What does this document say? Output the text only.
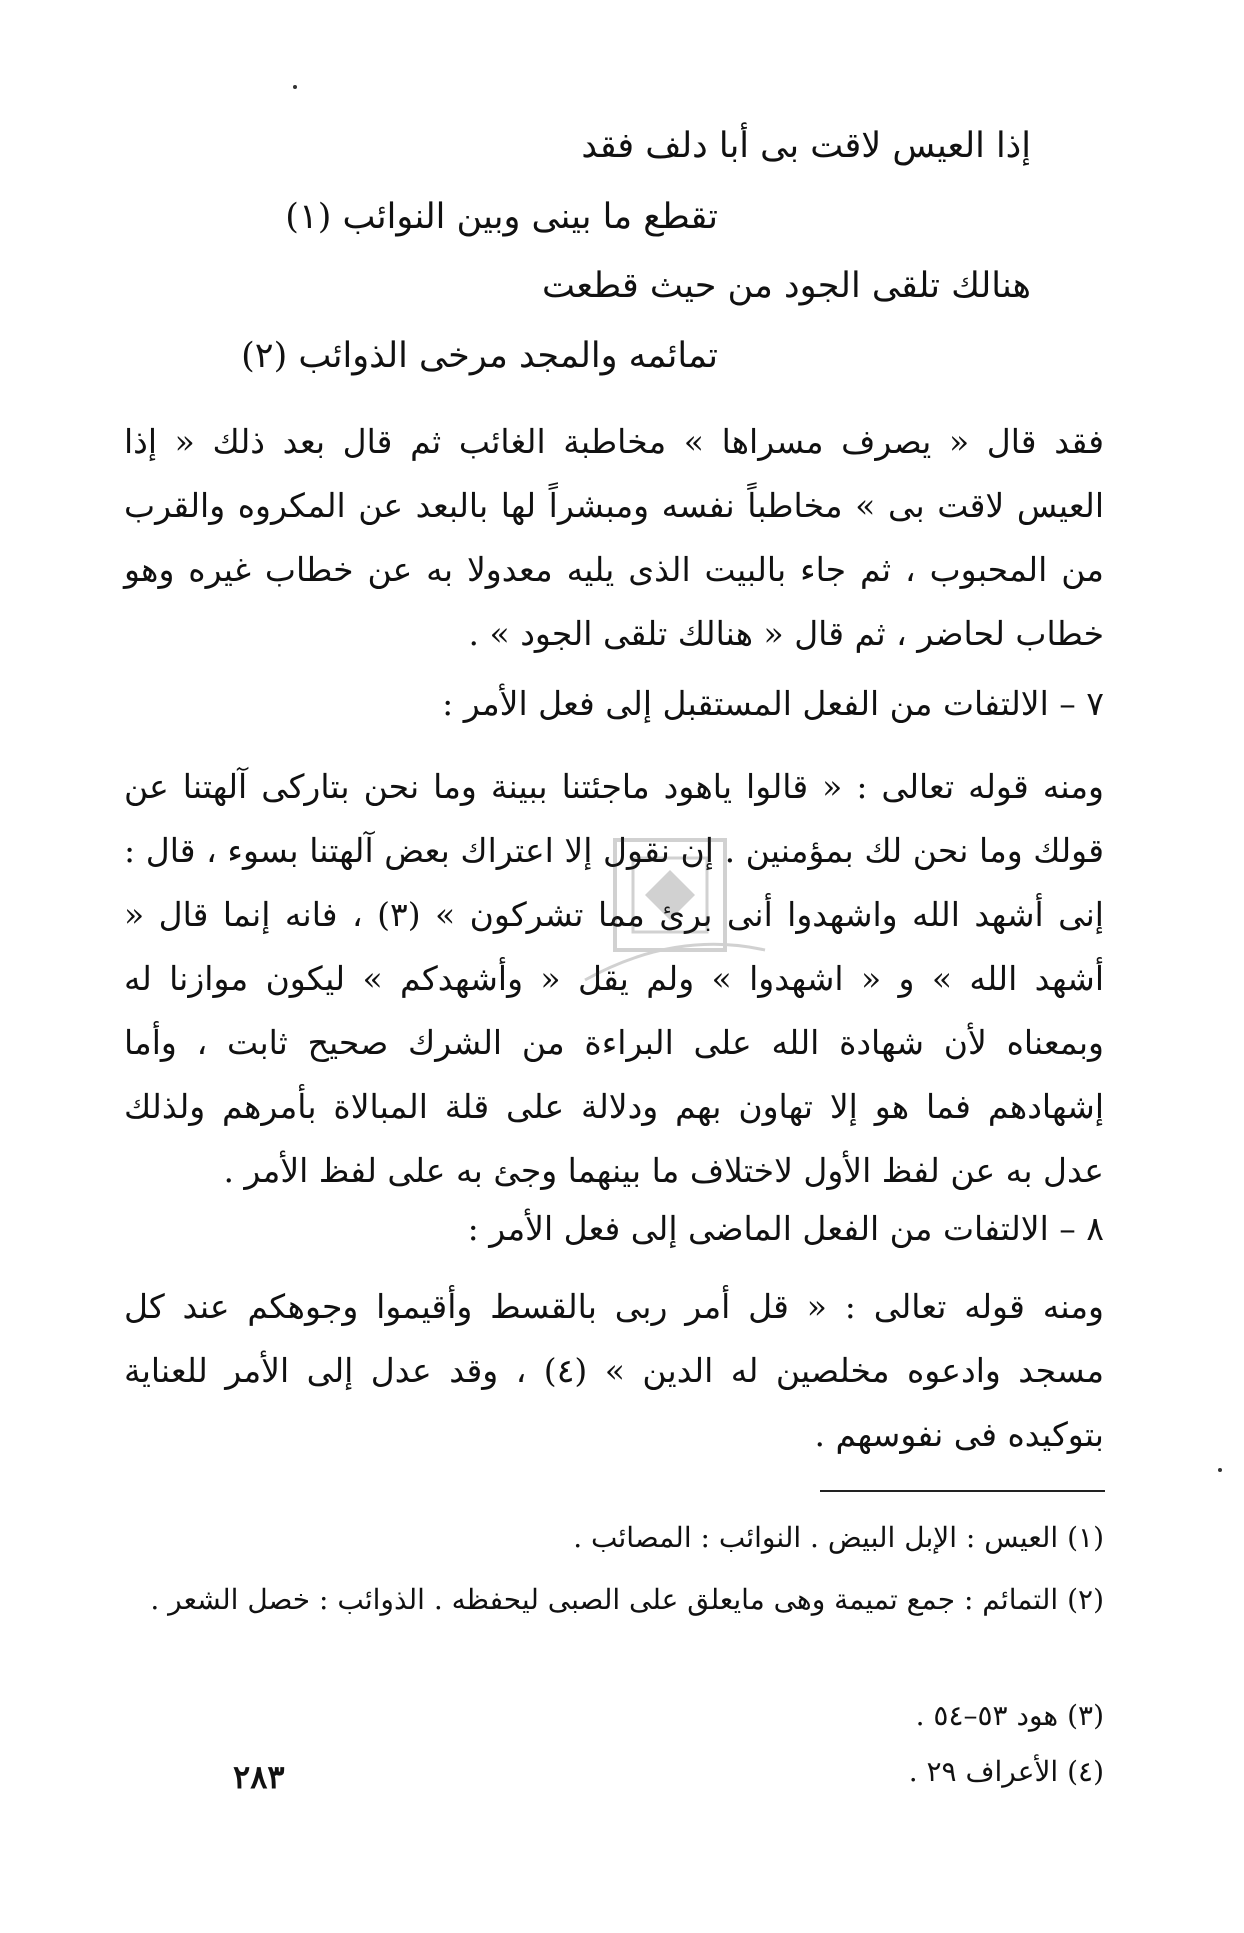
إذا العيس لاقت بى أبا دلف فقد
تقطع ما بينى وبين النوائب (١)
هنالك تلقى الجود من حيث قطعت
تمائمه والمجد مرخى الذوائب (٢)
فقد قال « يصرف مسراها » مخاطبة الغائب ثم قال بعد ذلك « إذا العيس لاقت بى » مخاطباً نفسه ومبشراً لها بالبعد عن المكروه والقرب من المحبوب ، ثم جاء بالبيت الذى يليه معدولا به عن خطاب غيره وهو خطاب لحاضر ، ثم قال « هنالك تلقى الجود » .
٧ – الالتفات من الفعل المستقبل إلى فعل الأمر :
ومنه قوله تعالى : « قالوا ياهود ماجئتنا ببينة وما نحن بتاركى آلهتنا عن قولك وما نحن لك بمؤمنين . إن نقول إلا اعتراك بعض آلهتنا بسوء ، قال : إنى أشهد الله واشهدوا أنى برئ مما تشركون » (٣) ، فانه إنما قال « أشهد الله » و « اشهدوا » ولم يقل « وأشهدكم » ليكون موازنا له وبمعناه لأن شهادة الله على البراءة من الشرك صحيح ثابت ، وأما إشهادهم فما هو إلا تهاون بهم ودلالة على قلة المبالاة بأمرهم ولذلك عدل به عن لفظ الأول لاختلاف ما بينهما وجئ به على لفظ الأمر .
٨ – الالتفات من الفعل الماضى إلى فعل الأمر :
ومنه قوله تعالى : « قل أمر ربى بالقسط وأقيموا وجوهكم عند كل مسجد وادعوه مخلصين له الدين » (٤) ، وقد عدل إلى الأمر للعناية بتوكيده فى نفوسهم .
(١) العيس : الإبل البيض . النوائب : المصائب .
(٢) التمائم : جمع تميمة وهى مايعلق على الصبى ليحفظه . الذوائب : خصل الشعر .
(٣) هود ٥٣–٥٤ .
(٤) الأعراف ٢٩ .
٢٨٣
